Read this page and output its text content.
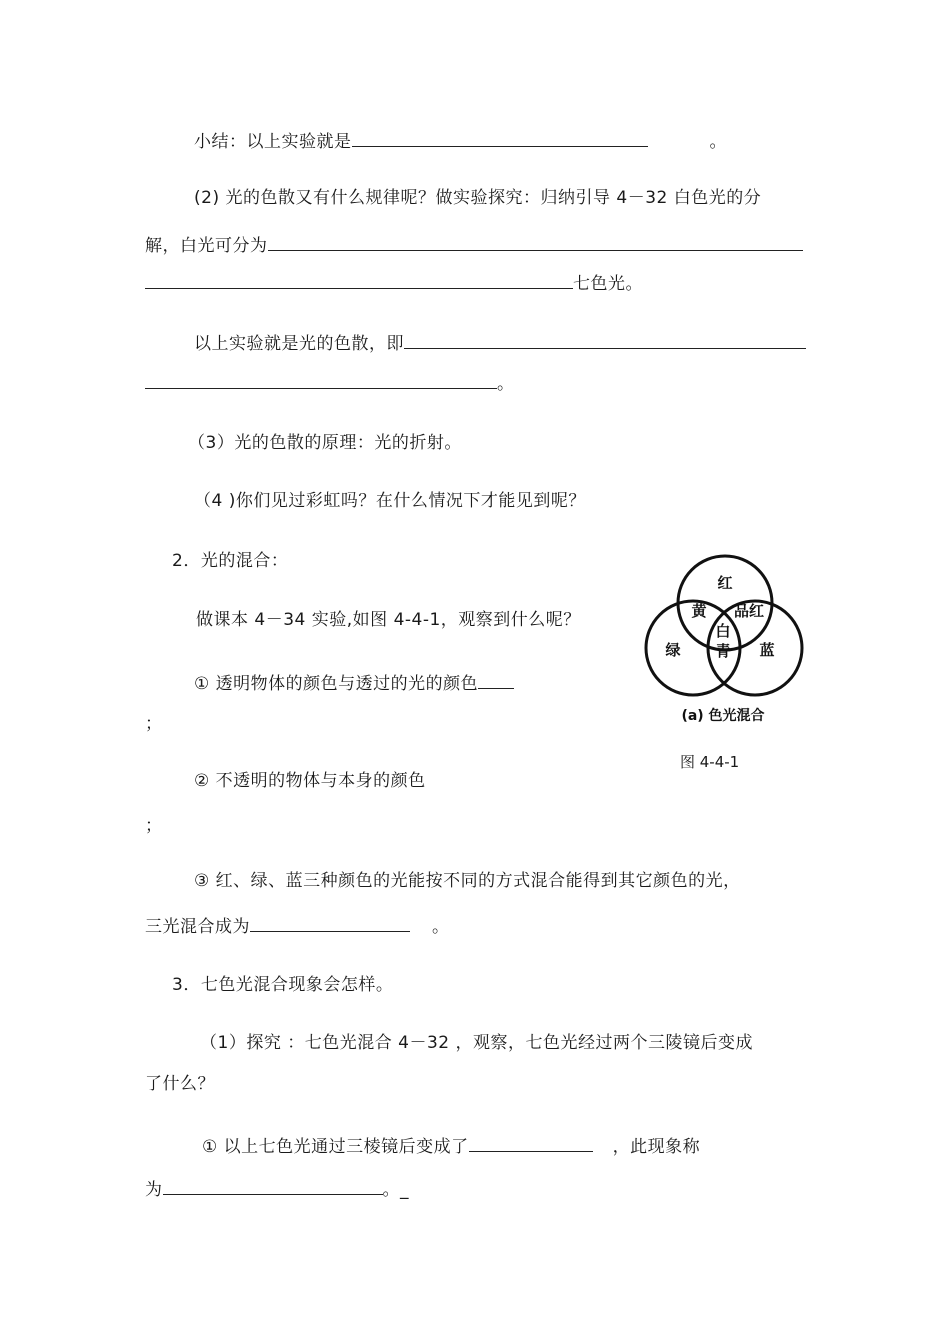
小结：以上实验就是	。
(2) 光的色散又有什么规律呢？做实验探究：归纳引导 4－32 白色光的分
解，白光可分为
七色光。
以上实验就是光的色散，即
。
（3）光的色散的原理：光的折射。
（4 )你们见过彩虹吗？在什么情况下才能见到呢？
2．光的混合：
做课本 4－34 实验,如图 4-4-1，观察到什么呢？
① 透明物体的颜色与透过的光的颜色
；
② 不透明的物体与本身的颜色
；
③ 红、绿、蓝三种颜色的光能按不同的方式混合能得到其它颜色的光，
三光混合成为	。
3．七色光混合现象会怎样。
（1）探究 ：七色光混合 4－32 ，观察，七色光经过两个三陵镜后变成
了什么？
① 以上七色光通过三棱镜后变成了	，此现象称
为	。_
红
黄 品红
白
绿 青 蓝
(a) 色光混合
图 4-4-1
